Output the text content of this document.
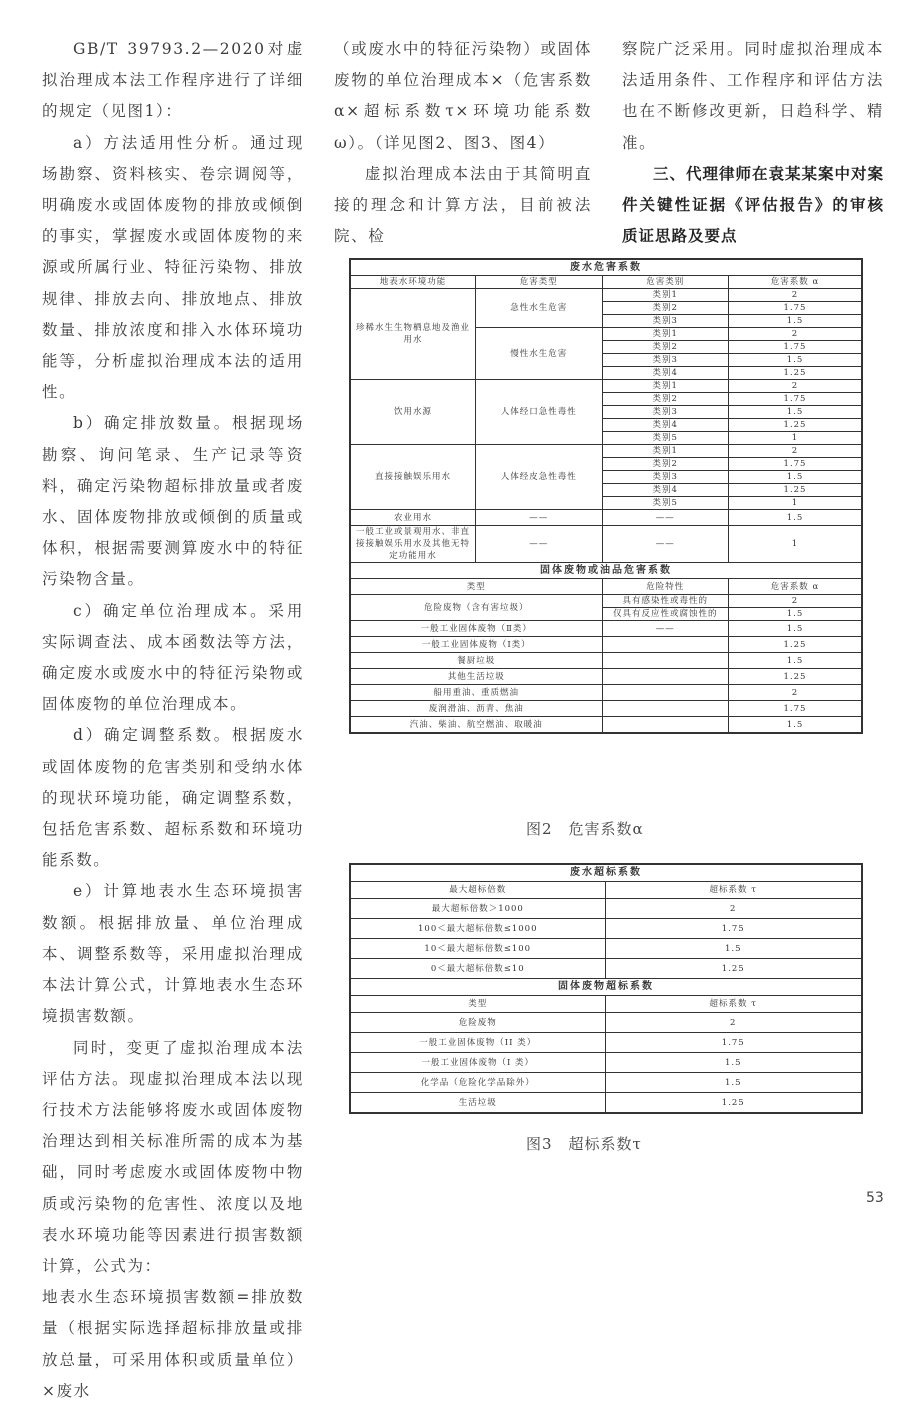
GB/T 39793.2—2020对虚拟治理成本法工作程序进行了详细的规定（见图1）：

a）方法适用性分析。通过现场勘察、资料核实、卷宗调阅等，明确废水或固体废物的排放或倾倒的事实，掌握废水或固体废物的来源或所属行业、特征污染物、排放规律、排放去向、排放地点、排放数量、排放浓度和排入水体环境功能等，分析虚拟治理成本法的适用性。

b）确定排放数量。根据现场勘察、询问笔录、生产记录等资料，确定污染物超标排放量或者废水、固体废物排放或倾倒的质量或体积，根据需要测算废水中的特征污染物含量。

c）确定单位治理成本。采用实际调查法、成本函数法等方法，确定废水或废水中的特征污染物或固体废物的单位治理成本。

d）确定调整系数。根据废水或固体废物的危害类别和受纳水体的现状环境功能，确定调整系数，包括危害系数、超标系数和环境功能系数。

e）计算地表水生态环境损害数额。根据排放量、单位治理成本、调整系数等，采用虚拟治理成本法计算公式，计算地表水生态环境损害数额。

同时，变更了虚拟治理成本法评估方法。现虚拟治理成本法以现行技术方法能够将废水或固体废物治理达到相关标准所需的成本为基础，同时考虑废水或固体废物中物质或污染物的危害性、浓度以及地表水环境功能等因素进行损害数额计算，公式为：

地表水生态环境损害数额=排放数量（根据实际选择超标排放量或排放总量，可采用体积或质量单位）×废水

（或废水中的特征污染物）或固体废物的单位治理成本×（危害系数α×超标系数τ×环境功能系数ω）。（详见图2、图3、图4）

虚拟治理成本法由于其简明直接的理念和计算方法，目前被法院、检

察院广泛采用。同时虚拟治理成本法适用条件、工作程序和评估方法也在不断修改更新，日趋科学、精准。

三、代理律师在袁某某案中对案件关键性证据《评估报告》的审核质证思路及要点

废水危害系数			
地表水环境功能	危害类型	危害类别	危害系数 α
珍稀水生生物栖息地及渔业 用水	急性水生危害	类别1	2
		类别2	1.75
		类别3	1.5
	慢性水生危害	类别1	2
		类别2	1.75
		类别3	1.5
		类别4	1.25
饮用水源	人体经口急性毒性	类别1	2
		类别2	1.75
		类别3	1.5
		类别4	1.25
		类别5	1
直接接触娱乐用水	人体经皮急性毒性	类别1	2
		类别2	1.75
		类别3	1.5
		类别4	1.25
		类别5	1
农业用水	——	——	1.5
一般工业或景观用水、非直 接接触娱乐用水及其他无特 定功能用水	——	——	1
固体废物或油品危害系数			
类型		危险特性	危害系数 α
危险废物（含有害垃圾）		具有感染性或毒性的	2
		仅具有反应性或腐蚀性的	1.5
一般工业固体废物（Ⅱ类）		——	1.5
一般工业固体废物（Ⅰ类）			1.25
餐厨垃圾			1.5
其他生活垃圾			1.25
船用重油、重质燃油			2
废润滑油、沥青、焦油			1.75
汽油、柴油、航空燃油、取暖油			1.5
图2　危害系数α
废水超标系数	
最大超标倍数	超标系数 τ
最大超标倍数＞1000	2
100＜最大超标倍数≤1000	1.75
10＜最大超标倍数≤100	1.5
0＜最大超标倍数≤10	1.25
固体废物超标系数	
类型	超标系数 τ
危险废物	2
一般工业固体废物（II 类）	1.75
一般工业固体废物（I 类）	1.5
化学品（危险化学品除外）	1.5
生活垃圾	1.25
图3　超标系数τ
53
